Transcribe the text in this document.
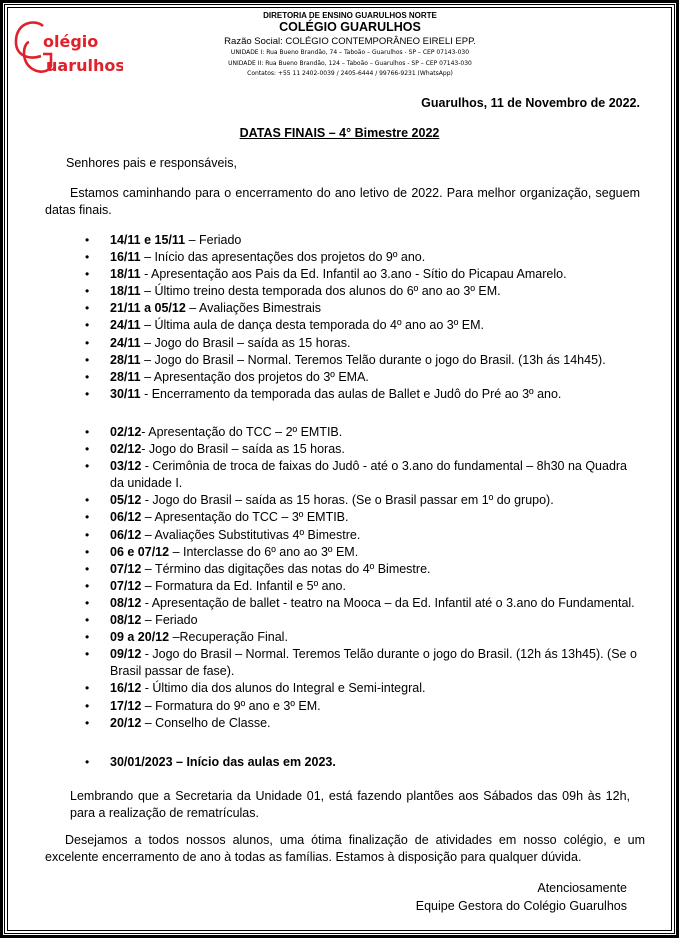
olégio
uarulhos
DIRETORIA DE ENSINO GUARULHOS NORTE
COLÉGIO GUARULHOS
Razão Social: COLÉGIO CONTEMPORÂNEO EIRELI EPP.
UNIDADE I: Rua Bueno Brandão, 74 – Taboão – Guarulhos - SP – CEP 07143-030
UNIDADE II: Rua Bueno Brandão, 124 – Taboão – Guarulhos - SP – CEP 07143-030
Contatos: +55 11 2402-0039 / 2405-6444 / 99766-9231 (WhatsApp)
Guarulhos, 11 de Novembro de 2022.
DATAS FINAIS – 4° Bimestre 2022
Senhores pais e responsáveis,
Estamos caminhando para o encerramento do ano letivo de 2022. Para melhor organização, seguem datas finais.
• 14/11 e 15/11 – Feriado
• 16/11 – Início das apresentações dos projetos do 9º ano.
• 18/11 - Apresentação aos Pais da Ed. Infantil ao 3.ano - Sítio do Picapau Amarelo.
• 18/11 – Último treino desta temporada dos alunos do 6º ano ao 3º EM.
• 21/11 a 05/12 – Avaliações Bimestrais
• 24/11 – Última aula de dança desta temporada do 4º ano ao 3º EM.
• 24/11 – Jogo do Brasil – saída as 15 horas.
• 28/11 – Jogo do Brasil – Normal. Teremos Telão durante o jogo do Brasil. (13h ás 14h45).
• 28/11 – Apresentação dos projetos do 3º EMA.
• 30/11 - Encerramento da temporada das aulas de Ballet e Judô do Pré ao 3º ano.
• 02/12- Apresentação do TCC – 2º EMTIB.
• 02/12- Jogo do Brasil – saída as 15 horas.
• 03/12 - Cerimônia de troca de faixas do Judô - até o 3.ano do fundamental – 8h30 na Quadra da unidade I.
• 05/12 - Jogo do Brasil – saída as 15 horas. (Se o Brasil passar em 1º do grupo).
• 06/12 – Apresentação do TCC – 3º EMTIB.
• 06/12 – Avaliações Substitutivas 4º Bimestre.
• 06 e 07/12 – Interclasse do 6º ano ao 3º EM.
• 07/12 – Término das digitações das notas do 4º Bimestre.
• 07/12 – Formatura da Ed. Infantil e 5º ano.
• 08/12 - Apresentação de ballet - teatro na Mooca – da Ed. Infantil até o 3.ano do Fundamental.
• 08/12 – Feriado
• 09 a 20/12 –Recuperação Final.
• 09/12 - Jogo do Brasil – Normal. Teremos Telão durante o jogo do Brasil. (12h ás 13h45). (Se o Brasil passar de fase).
• 16/12 - Último dia dos alunos do Integral e Semi-integral.
• 17/12 – Formatura do 9º ano e 3º EM.
• 20/12 – Conselho de Classe.
• 30/01/2023 – Início das aulas em 2023.
Lembrando que a Secretaria da Unidade 01, está fazendo plantões aos Sábados das 09h às 12h, para a realização de rematrículas.
Desejamos a todos nossos alunos, uma ótima finalização de atividades em nosso colégio, e um excelente encerramento de ano à todas as famílias. Estamos à disposição para qualquer dúvida.
Atenciosamente
Equipe Gestora do Colégio Guarulhos
